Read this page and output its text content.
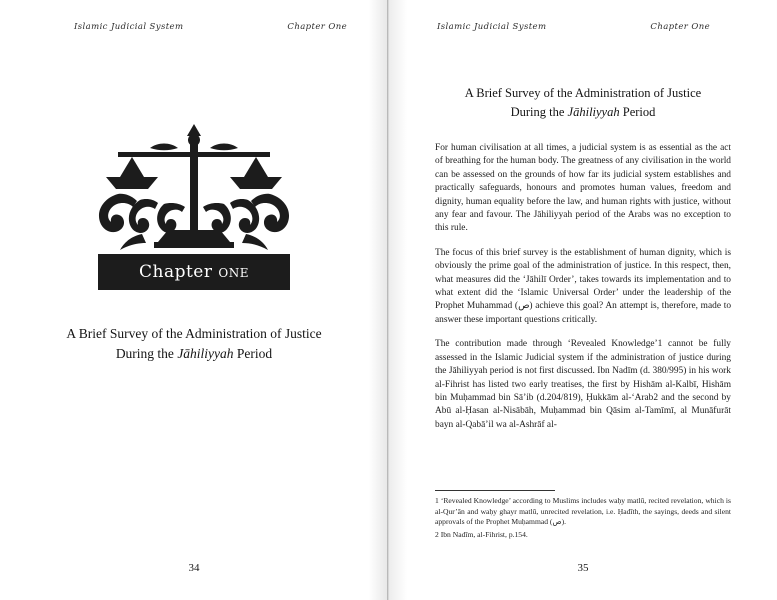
Islamic Judicial System	Chapter One
Chapter
one
A Brief Survey of the Administration of Justice
During the Jāhiliyyah Period
34
Islamic Judicial System	Chapter One
A Brief Survey of the Administration of Justice
During the Jāhiliyyah Period

For human civilisation at all times, a judicial system is as essential as the act of breathing for the human body. The greatness of any civilisation in the world can be assessed on the grounds of how far its judicial system establishes and practically safeguards, honours and promotes human values, freedom and dignity, human equality before the law, and human rights with justice, without any fear and favour. The Jāhiliyyah period of the Arabs was no exception to this rule.

The focus of this brief survey is the establishment of human dignity, which is obviously the prime goal of the administration of justice. In this respect, then, what measures did the ‘Jāhilī Order’, takes towards its implementation and to what extent did the ‘Islamic Universal Order’ under the leadership of the Prophet Muhammad (ص) achieve this goal? An attempt is, therefore, made to answer these important questions critically.

The contribution made through ‘Revealed Knowledge’1 cannot be fully assessed in the Islamic Judicial system if the administration of justice during the Jāhiliyyah period is not first discussed. Ibn Nadīm (d. 380/995) in his work al-Fihrist has listed two early treatises, the first by Hishām al-Kalbī, Hishām bin Muḥammad bin Sā’ib (d.204/819), Ḥukkām al-‘Arab2 and the second by Abū al-Ḥasan al-Nisābāh, Muḥammad bin Qāsim al-Tamīmī, al Munāfurāt bayn al-Qabā’il wa al-Ashrāf al-

1 ‘Revealed Knowledge’ according to Muslims includes waḥy matlū, recited revelation, which is al-Qur’ān and waḥy ghayr matlū, unrecited revelation, i.e. Ḥadīth, the sayings, deeds and silent approvals of the Prophet Muḥammad (ص).

2 Ibn Nadīm, al-Fihrist, p.154.

35
